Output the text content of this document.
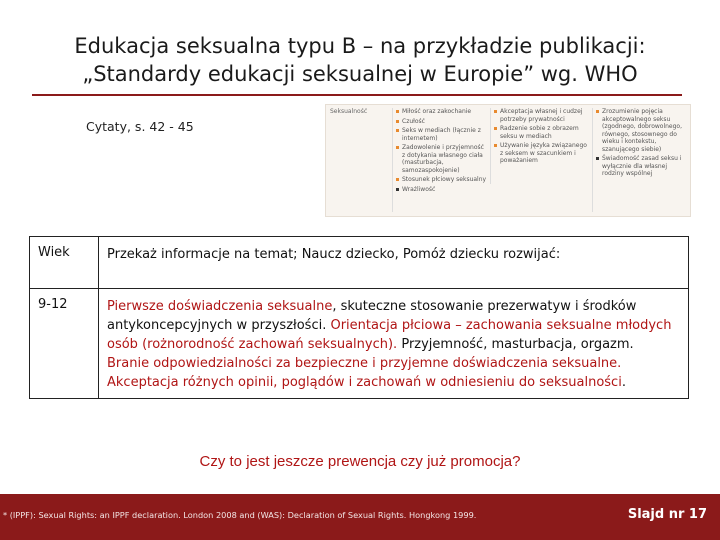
Edukacja seksualna typu B – na przykładzie publikacji:
„Standardy edukacji seksualnej w Europie” wg. WHO
Cytaty, s. 42 - 45
Seksualność	Miłość oraz zakochanie
Czułość
Seks w mediach (łącznie z internetem)
Zadowolenie i przyjemność z dotykania własnego ciała (masturbacja, samozaspokojenie)
Stosunek płciowy seksualny
Wrażliwość
Akceptacja własnej i cudzej potrzeby prywatności
Radzenie sobie z obrazem seksu w mediach
Używanie języka związanego z seksem w szacunkiem i poważaniem
Zrozumienie pojęcia akceptowalnego seksu (zgodnego, dobrowolnego, równego, stosownego do wieku i kontekstu, szanującego siebie)
Świadomość zasad seksu i wyłącznie dla własnej rodziny wspólnej
Wiek	Przekaż informacje na temat; Naucz dziecko, Pomóż dziecku rozwijać:
9-12	Pierwsze doświadczenia seksualne, skuteczne stosowanie prezerwatyw i środków antykoncepcyjnych w przyszłości. Orientacja płciowa – zachowania seksualne młodych osób (rożnorodność zachowań seksualnych). Przyjemność, masturbacja, orgazm. Branie odpowiedzialności za bezpieczne i przyjemne doświadczenia seksualne. Akceptacja różnych opinii, poglądów i zachowań w odniesieniu do seksualności.
Czy to jest jeszcze prewencja czy już promocja?
* (IPPF): Sexual Rights: an IPPF declaration. London 2008 and (WAS): Declaration of Sexual Rights. Hongkong 1999.	Slajd nr 17
